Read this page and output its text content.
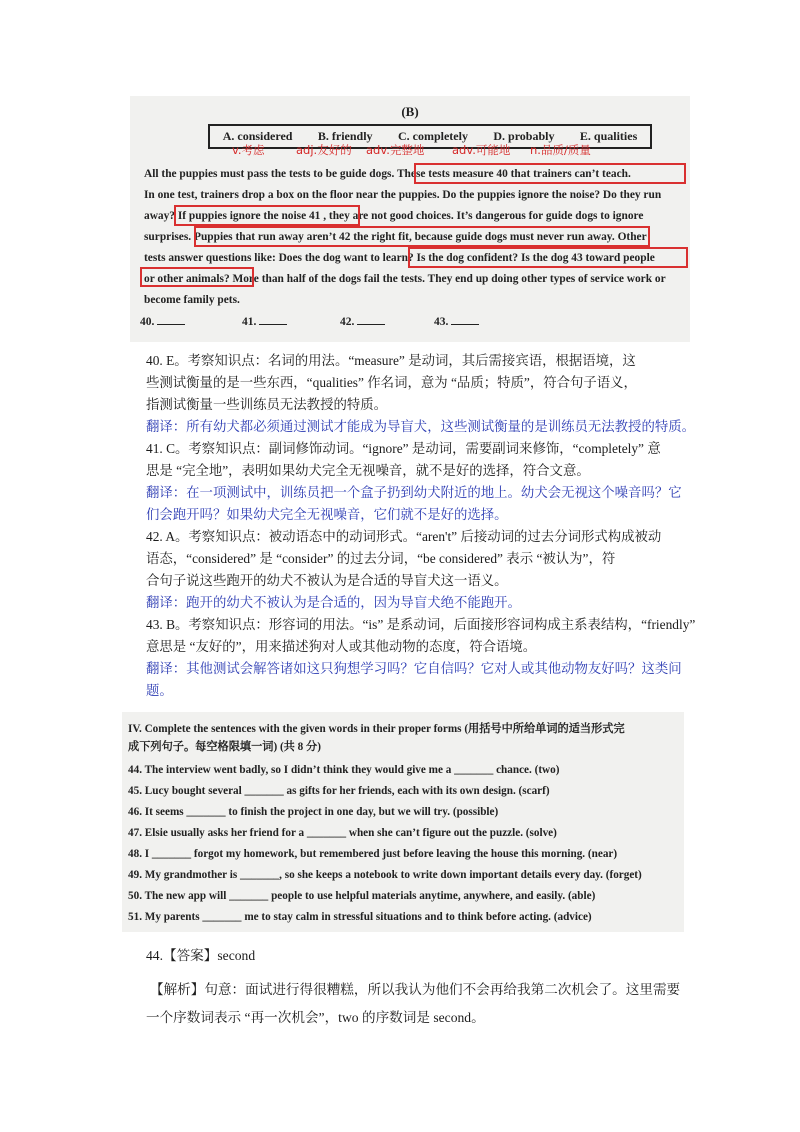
(B)
A. considered B. friendly C. completely D. probably E. qualities
v.考虑	adj.友好的 adv.完整地 adv.可能地 n.品质/质量
All the puppies must pass the tests to be guide dogs. These tests measure 40 that trainers can’t teach.
In one test, trainers drop a box on the floor near the puppies. Do the puppies ignore the noise? Do they run
away? If puppies ignore the noise 41 , they are not good choices. It’s dangerous for guide dogs to ignore
surprises. Puppies that run away aren’t 42 the right fit, because guide dogs must never run away. Other
tests answer questions like: Does the dog want to learn? Is the dog confident? Is the dog 43 toward people
or other animals? More than half of the dogs fail the tests. They end up doing other types of service work or
become family pets.
40.	41.	42.	43.
40. E。考察知识点：名词的用法。“measure” 是动词，其后需接宾语，根据语境，这
些测试衡量的是一些东西，“qualities” 作名词，意为 “品质；特质”，符合句子语义，
指测试衡量一些训练员无法教授的特质。
翻译：所有幼犬都必须通过测试才能成为导盲犬，这些测试衡量的是训练员无法教授的特质。
41. C。考察知识点：副词修饰动词。“ignore” 是动词，需要副词来修饰，“completely” 意
思是 “完全地”，表明如果幼犬完全无视噪音，就不是好的选择，符合文意。
翻译：在一项测试中，训练员把一个盒子扔到幼犬附近的地上。幼犬会无视这个噪音吗？它
们会跑开吗？如果幼犬完全无视噪音，它们就不是好的选择。
42. A。考察知识点：被动语态中的动词形式。“aren't” 后接动词的过去分词形式构成被动
语态，“considered” 是 “consider” 的过去分词，“be considered” 表示 “被认为”，符
合句子说这些跑开的幼犬不被认为是合适的导盲犬这一语义。
翻译：跑开的幼犬不被认为是合适的，因为导盲犬绝不能跑开。
43. B。考察知识点：形容词的用法。“is” 是系动词，后面接形容词构成主系表结构，“friendly”
意思是 “友好的”，用来描述狗对人或其他动物的态度，符合语境。
翻译：其他测试会解答诸如这只狗想学习吗？它自信吗？它对人或其他动物友好吗？这类问
题。
IV. Complete the sentences with the given words in their proper forms (用括号中所给单词的适当形式完
成下列句子。每空格限填一词) (共 8 分)
44. The interview went badly, so I didn’t think they would give me a _______ chance. (two)
45. Lucy bought several _______ as gifts for her friends, each with its own design. (scarf)
46. It seems _______ to finish the project in one day, but we will try. (possible)
47. Elsie usually asks her friend for a _______ when she can’t figure out the puzzle. (solve)
48. I _______ forgot my homework, but remembered just before leaving the house this morning. (near)
49. My grandmother is _______, so she keeps a notebook to write down important details every day. (forget)
50. The new app will _______ people to use helpful materials anytime, anywhere, and easily. (able)
51. My parents _______ me to stay calm in stressful situations and to think before acting. (advice)
44.【答案】second
【解析】句意：面试进行得很糟糕，所以我认为他们不会再给我第二次机会了。这里需要
一个序数词表示 “再一次机会”，two 的序数词是 second。
